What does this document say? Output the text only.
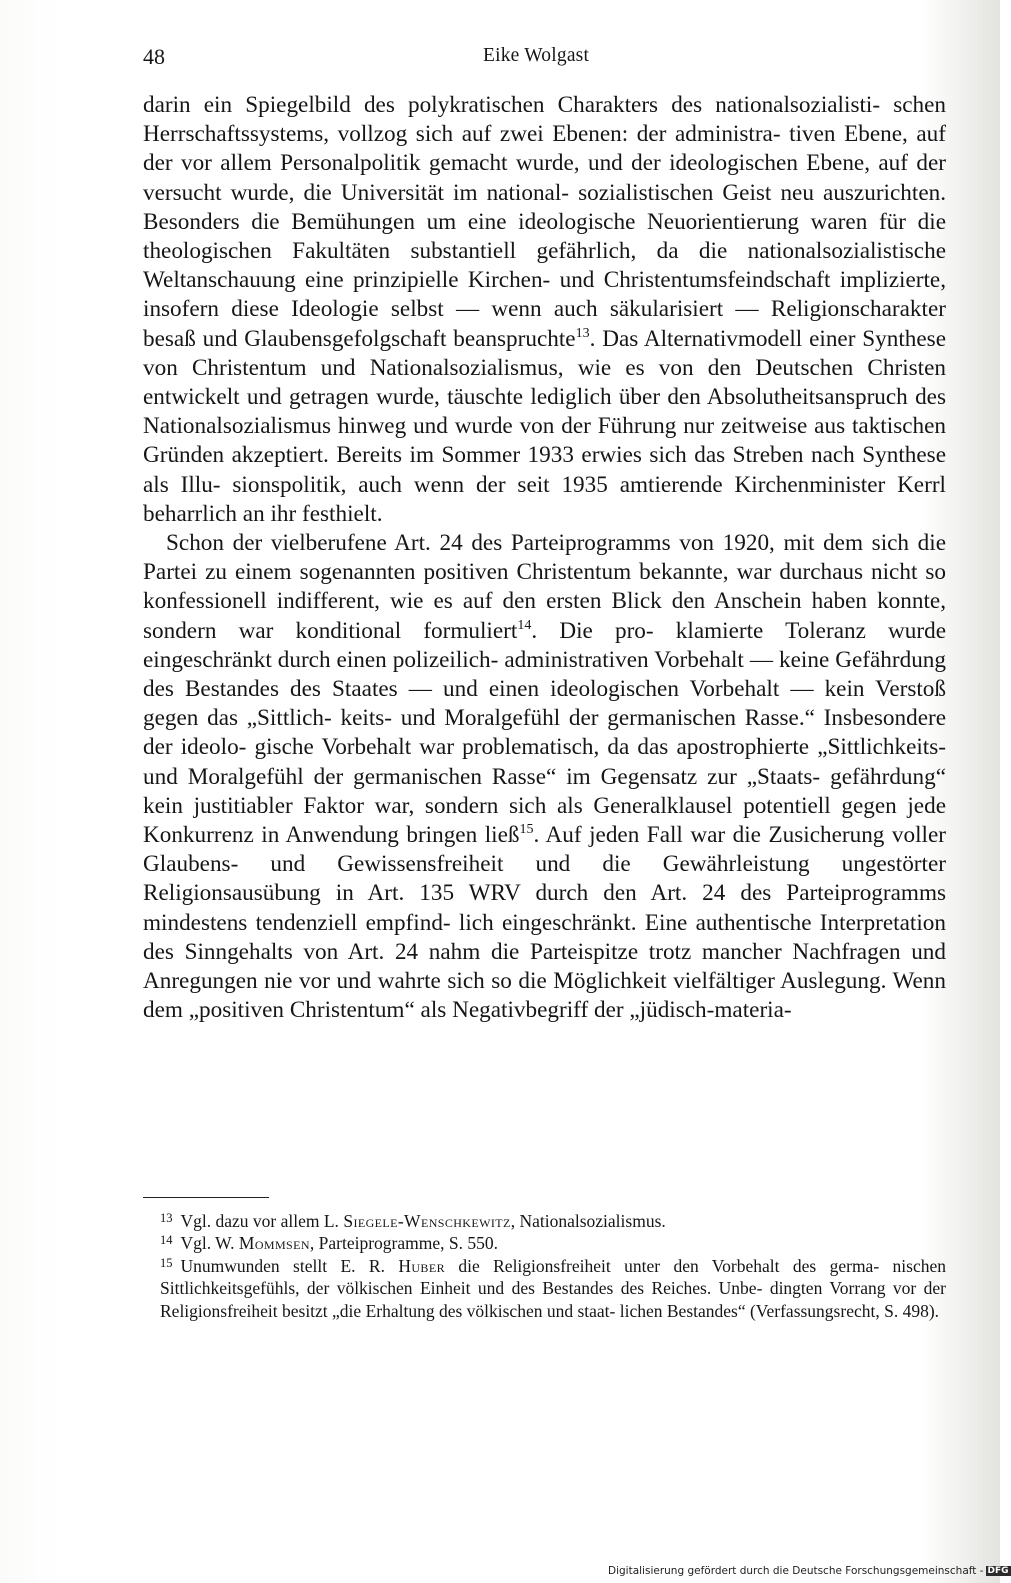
48	Eike Wolgast

darin ein Spiegelbild des polykratischen Charakters des nationalsozialisti- schen Herrschaftssystems, vollzog sich auf zwei Ebenen: der administra- tiven Ebene, auf der vor allem Personalpolitik gemacht wurde, und der ideologischen Ebene, auf der versucht wurde, die Universität im national- sozialistischen Geist neu auszurichten. Besonders die Bemühungen um eine ideologische Neuorientierung waren für die theologischen Fakultäten substantiell gefährlich, da die nationalsozialistische Weltanschauung eine prinzipielle Kirchen- und Christentumsfeindschaft implizierte, insofern diese Ideologie selbst — wenn auch säkularisiert — Religionscharakter besaß und Glaubensgefolgschaft beanspruchte$^{13}$. Das Alternativmodell einer Synthese von Christentum und Nationalsozialismus, wie es von den Deutschen Christen entwickelt und getragen wurde, täuschte lediglich über den Absolutheitsanspruch des Nationalsozialismus hinweg und wurde von der Führung nur zeitweise aus taktischen Gründen akzeptiert. Bereits im Sommer 1933 erwies sich das Streben nach Synthese als Illu- sionspolitik, auch wenn der seit 1935 amtierende Kirchenminister Kerrl beharrlich an ihr festhielt.

Schon der vielberufene Art. 24 des Parteiprogramms von 1920, mit dem sich die Partei zu einem sogenannten positiven Christentum bekannte, war durchaus nicht so konfessionell indifferent, wie es auf den ersten Blick den Anschein haben konnte, sondern war konditional formuliert$^{14}$. Die pro- klamierte Toleranz wurde eingeschränkt durch einen polizeilich- administrativen Vorbehalt — keine Gefährdung des Bestandes des Staates — und einen ideologischen Vorbehalt — kein Verstoß gegen das „Sittlich- keits- und Moralgefühl der germanischen Rasse.“ Insbesondere der ideolo- gische Vorbehalt war problematisch, da das apostrophierte „Sittlichkeits- und Moralgefühl der germanischen Rasse“ im Gegensatz zur „Staats- gefährdung“ kein justitiabler Faktor war, sondern sich als Generalklausel potentiell gegen jede Konkurrenz in Anwendung bringen ließ$^{15}$. Auf jeden Fall war die Zusicherung voller Glaubens- und Gewissensfreiheit und die Gewährleistung ungestörter Religionsausübung in Art. 135 WRV durch den Art. 24 des Parteiprogramms mindestens tendenziell empfind- lich eingeschränkt. Eine authentische Interpretation des Sinngehalts von Art. 24 nahm die Parteispitze trotz mancher Nachfragen und Anregungen nie vor und wahrte sich so die Möglichkeit vielfältiger Auslegung. Wenn dem „positiven Christentum“ als Negativbegriff der „jüdisch-materia-

$^{13}$ Vgl. dazu vor allem L. Siegele-Wenschkewitz, Nationalsozialismus.

$^{14}$ Vgl. W. Mommsen, Parteiprogramme, S. 550.

$^{15}$ Unumwunden stellt E. R. Huber die Religionsfreiheit unter den Vorbehalt des germa- nischen Sittlichkeitsgefühls, der völkischen Einheit und des Bestandes des Reiches. Unbe- dingten Vorrang vor der Religionsfreiheit besitzt „die Erhaltung des völkischen und staat- lichen Bestandes“ (Verfassungsrecht, S. 498).

Digitalisierung gefördert durch die Deutsche Forschungsgemeinschaft - DFG
